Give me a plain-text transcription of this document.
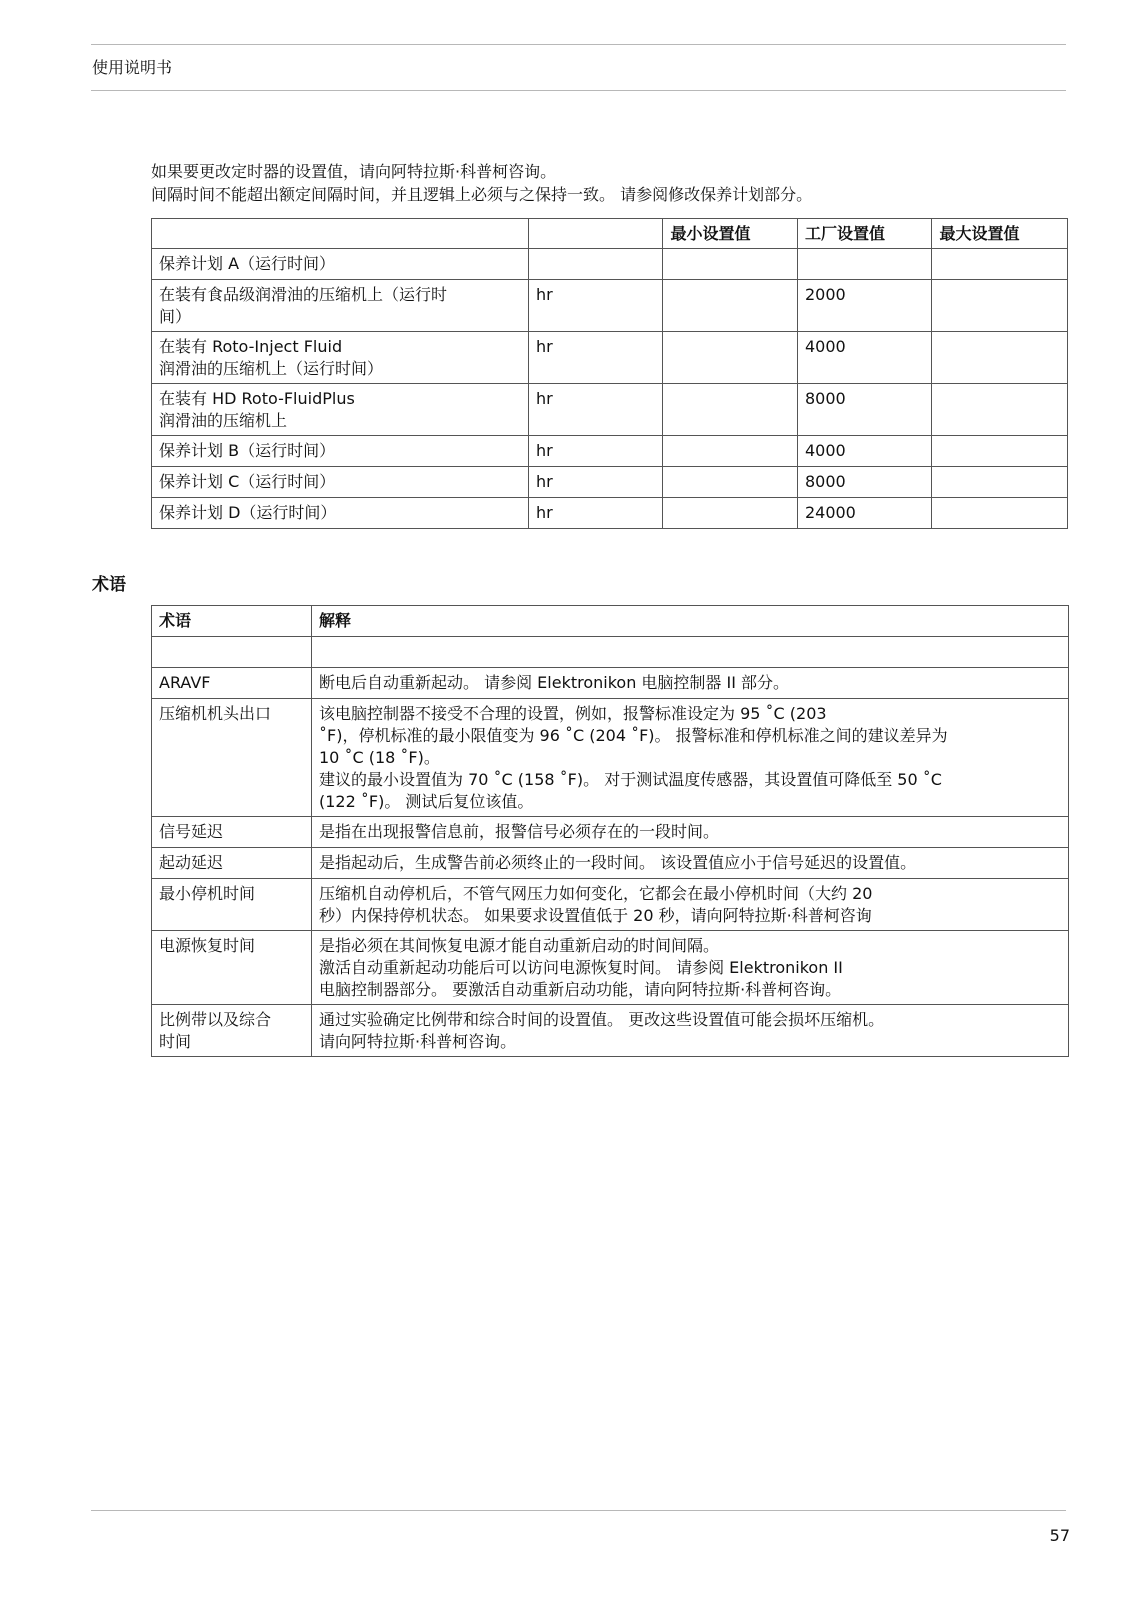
使用说明书

如果要更改定时器的设置值，请向阿特拉斯·科普柯咨询。

间隔时间不能超出额定间隔时间，并且逻辑上必须与之保持一致。 请参阅修改保养计划部分。

		最小设置值	工厂设置值	最大设置值

保养计划 A（运行时间）				

在装有食品级润滑油的压缩机上（运行时
间）	hr		2000	

在装有 Roto-Inject Fluid
润滑油的压缩机上（运行时间）	hr		4000	

在装有 HD Roto-FluidPlus
润滑油的压缩机上	hr		8000	

保养计划 B（运行时间）	hr		4000	

保养计划 C（运行时间）	hr		8000	

保养计划 D（运行时间）	hr		24000	
术语
术语	解释

ARAVF	断电后自动重新起动。 请参阅 Elektronikon 电脑控制器 II 部分。

压缩机机头出口	该电脑控制器不接受不合理的设置，例如，报警标准设定为 95 ˚C (203
˚F)，停机标准的最小限值变为 96 ˚C (204 ˚F)。 报警标准和停机标准之间的建议差异为
10 ˚C (18 ˚F)。
建议的最小设置值为 70 ˚C (158 ˚F)。 对于测试温度传感器，其设置值可降低至 50 ˚C
(122 ˚F)。 测试后复位该值。

信号延迟	是指在出现报警信息前，报警信号必须存在的一段时间。

起动延迟	是指起动后，生成警告前必须终止的一段时间。 该设置值应小于信号延迟的设置值。

最小停机时间	压缩机自动停机后，不管气网压力如何变化，它都会在最小停机时间（大约 20
秒）内保持停机状态。 如果要求设置值低于 20 秒，请向阿特拉斯·科普柯咨询

电源恢复时间	是指必须在其间恢复电源才能自动重新启动的时间间隔。
激活自动重新起动功能后可以访问电源恢复时间。 请参阅 Elektronikon II
电脑控制器部分。 要激活自动重新启动功能，请向阿特拉斯·科普柯咨询。

比例带以及综合
时间	通过实验确定比例带和综合时间的设置值。 更改这些设置值可能会损坏压缩机。
请向阿特拉斯·科普柯咨询。
57
